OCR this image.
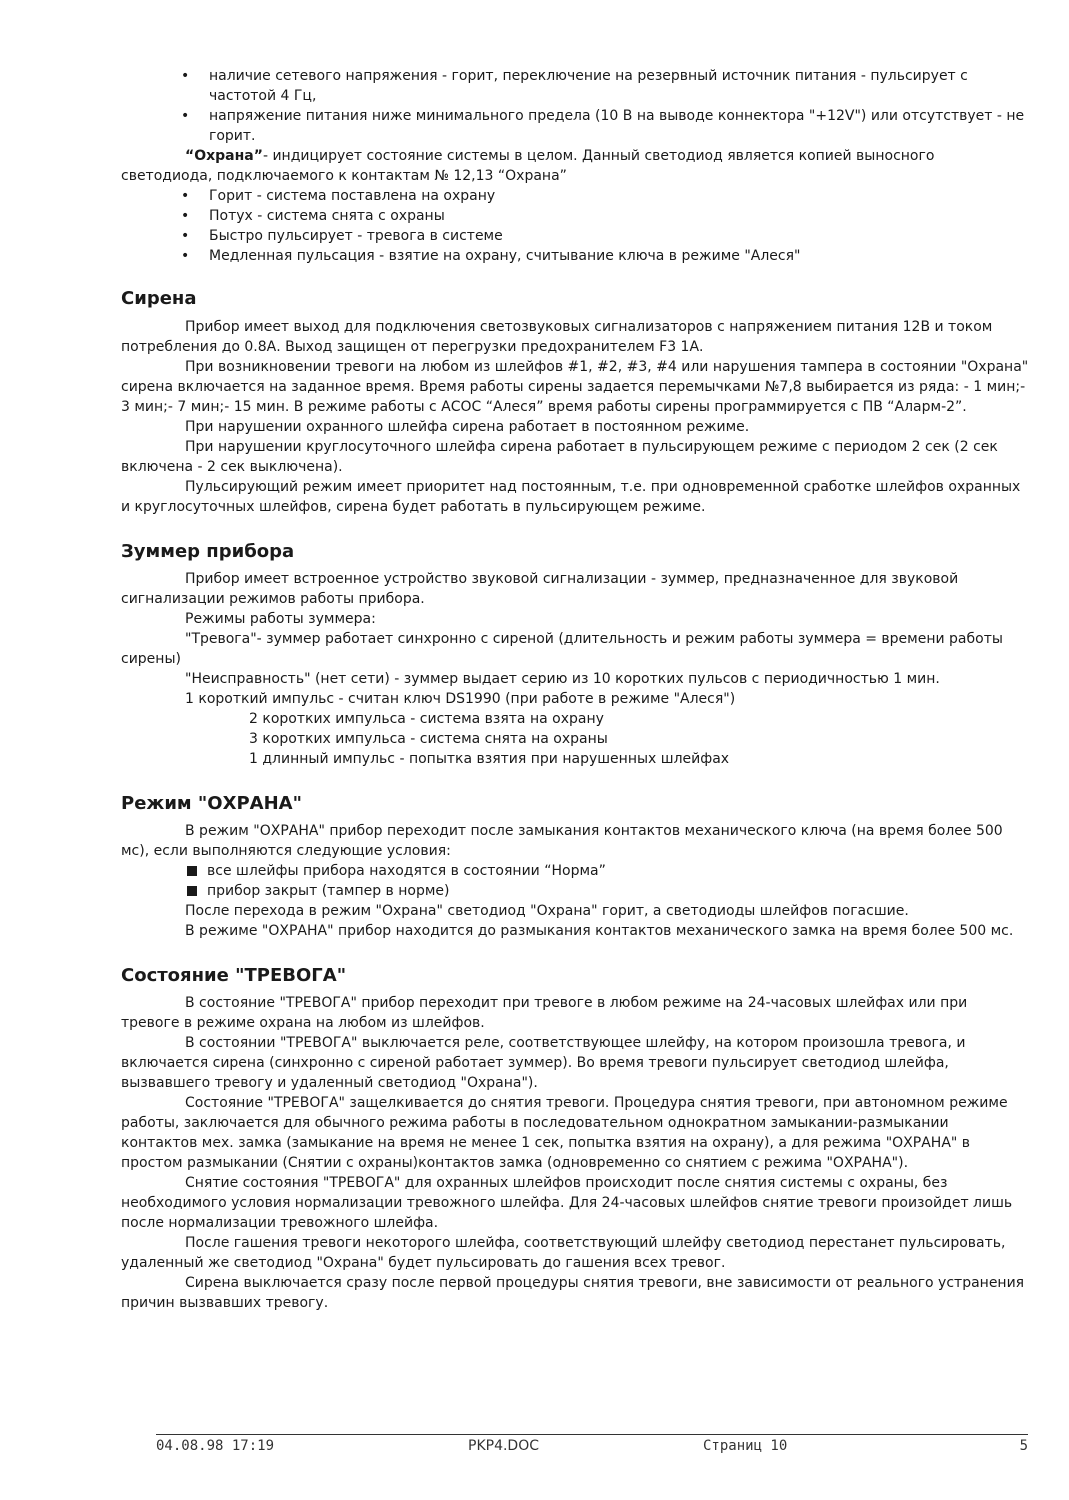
• наличие сетевого напряжения - горит, переключение на резервный источник питания - пульсирует с частотой 4 Гц,
• напряжение питания ниже минимального предела (10 В на выводе коннектора "+12V") или отсутствует - не горит.

“Охрана”- индицирует состояние системы в целом. Данный светодиод является копией выносного светодиода, подключаемого к контактам № 12,13 “Охрана”

• Горит - система поставлена на охрану
• Потух - система снята с охраны
• Быстро пульсирует - тревога в системе
• Медленная пульсация - взятие на охрану, считывание ключа в режиме "Алеся"
Сирена

Прибор имеет выход для подключения светозвуковых сигнализаторов с напряжением питания 12В и током потребления до 0.8А. Выход защищен от перегрузки предохранителем F3 1А.

При возникновении тревоги на любом из шлейфов #1, #2, #3, #4 или нарушения тампера в состоянии "Охрана" сирена включается на заданное время. Время работы сирены задается перемычками №7,8 выбирается из ряда: - 1 мин;- 3 мин;- 7 мин;- 15 мин. В режиме работы с АСОС “Алеся” время работы сирены программируется с ПВ “Аларм-2”.

При нарушении охранного шлейфа сирена работает в постоянном режиме.

При нарушении круглосуточного шлейфа сирена работает в пульсирующем режиме с периодом 2 сек (2 сек включена - 2 сек выключена).

Пульсирующий режим имеет приоритет над постоянным, т.е. при одновременной сработке шлейфов охранных и круглосуточных шлейфов, сирена будет работать в пульсирующем режиме.

Зуммер прибора

Прибор имеет встроенное устройство звуковой сигнализации - зуммер, предназначенное для звуковой сигнализации режимов работы прибора.

Режимы работы зуммера:

"Тревога"- зуммер работает синхронно с сиреной (длительность и режим работы зуммера = времени работы сирены)

"Неисправность" (нет сети) - зуммер выдает серию из 10 коротких пульсов с периодичностью 1 мин.

1 короткий импульс - считан ключ DS1990 (при работе в режиме "Алеся")

2 коротких импульса - система взята на охрану

3 коротких импульса - система снята на охраны

1 длинный импульс - попытка взятия при нарушенных шлейфах

Режим "ОХРАНА"

В режим "ОХРАНА" прибор переходит после замыкания контактов механического ключа (на время более 500 мс), если выполняются следующие условия:

все шлейфы прибора находятся в состоянии “Норма”
прибор закрыт (тампер в норме)

После перехода в режим "Охрана" светодиод "Охрана" горит, а светодиоды шлейфов погасшие.

В режиме "ОХРАНА" прибор находится до размыкания контактов механического замка на время более 500 мс.

Состояние "ТРЕВОГА"

В состояние "ТРЕВОГА" прибор переходит при тревоге в любом режиме на 24-часовых шлейфах или при тревоге в режиме охрана на любом из шлейфов.

В состоянии "ТРЕВОГА" выключается реле, соответствующее шлейфу, на котором произошла тревога, и включается сирена (синхронно с сиреной работает зуммер). Во время тревоги пульсирует светодиод шлейфа, вызвавшего тревогу и удаленный светодиод "Охрана").

Состояние "ТРЕВОГА" защелкивается до снятия тревоги. Процедура снятия тревоги, при автономном режиме работы, заключается для обычного режима работы в последовательном однократном замыкании-размыкании контактов мех. замка (замыкание на время не менее 1 сек, попытка взятия на охрану), а для режима "ОХРАНА" в простом размыкании (Снятии с охраны)контактов замка (одновременно со снятием с режима "ОХРАНА").

Снятие состояния "ТРЕВОГА" для охранных шлейфов происходит после снятия системы с охраны, без необходимого условия нормализации тревожного шлейфа. Для 24-часовых шлейфов снятие тревоги произойдет лишь после нормализации тревожного шлейфа.

После гашения тревоги некоторого шлейфа, соответствующий шлейфу светодиод перестанет пульсировать, удаленный же светодиод "Охрана" будет пульсировать до гашения всех тревог.

Сирена выключается сразу после первой процедуры снятия тревоги, вне зависимости от реального устранения причин вызвавших тревогу.

04.08.98 17:19	PKP4.DOC	Страниц 10	5
